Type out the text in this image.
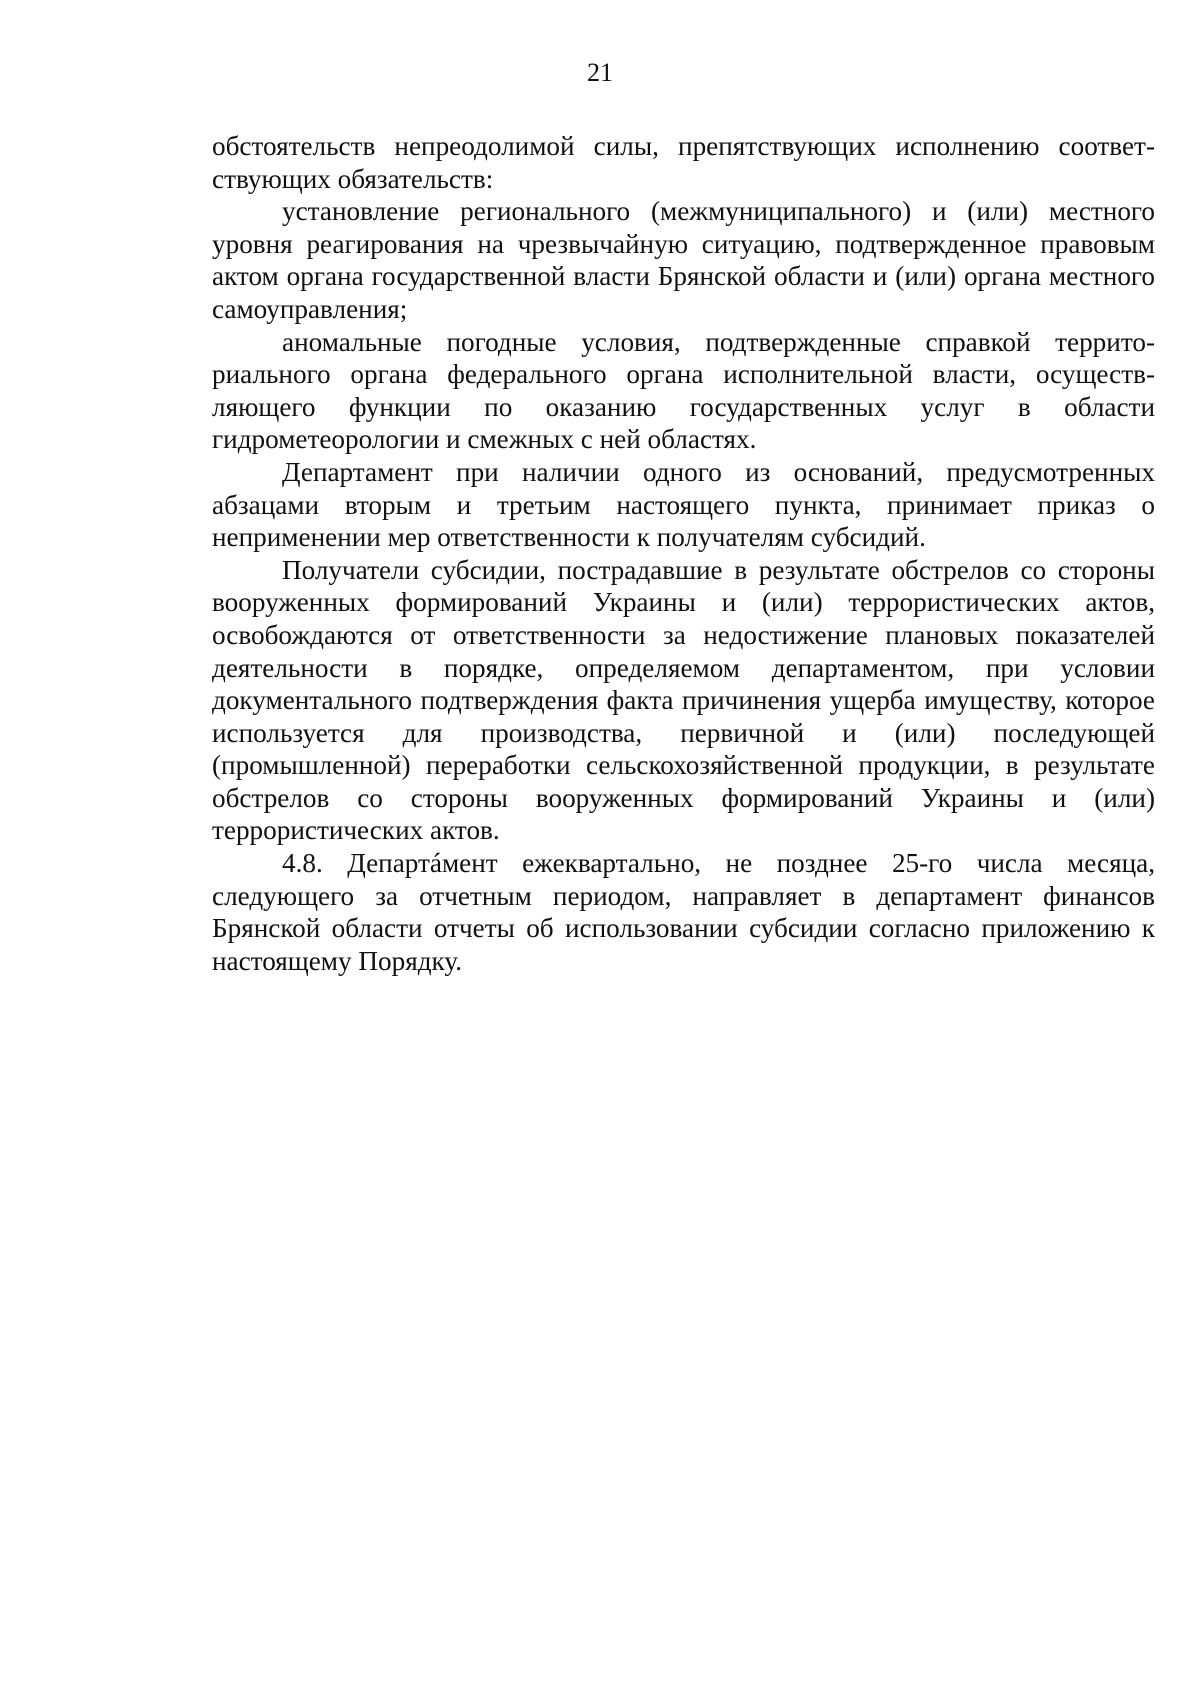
21

обстоятельств непреодолимой силы, препятствующих исполнению соответствующих обязательств:

установление регионального (межмуниципального) и (или) местного уровня реагирования на чрезвычайную ситуацию, подтвержденное правовым актом органа государственной власти Брянской области и (или) органа местного самоуправления;

аномальные погодные условия, подтвержденные справкой территориального органа федерального органа исполнительной власти, осуществляющего функции по оказанию государственных услуг в области гидрометеорологии и смежных с ней областях.

Департамент при наличии одного из оснований, предусмотренных абзацами вторым и третьим настоящего пункта, принимает приказ о неприменении мер ответственности к получателям субсидий.

Получатели субсидии, пострадавшие в результате обстрелов со стороны вооруженных формирований Украины и (или) террористических актов, освобождаются от ответственности за недостижение плановых показателей деятельности в порядке, определяемом департаментом, при условии документального подтверждения факта причинения ущерба имуществу, которое используется для производства, первичной и (или) последующей (промышленной) переработки сельскохозяйственной продукции, в результате обстрелов со стороны вооруженных формирований Украины и (или) террористических актов.

4.8. Департáмент ежеквартально, не позднее 25-го числа месяца, следующего за отчетным периодом, направляет в департамент финансов Брянской области отчеты об использовании субсидии согласно приложению к настоящему Порядку.
